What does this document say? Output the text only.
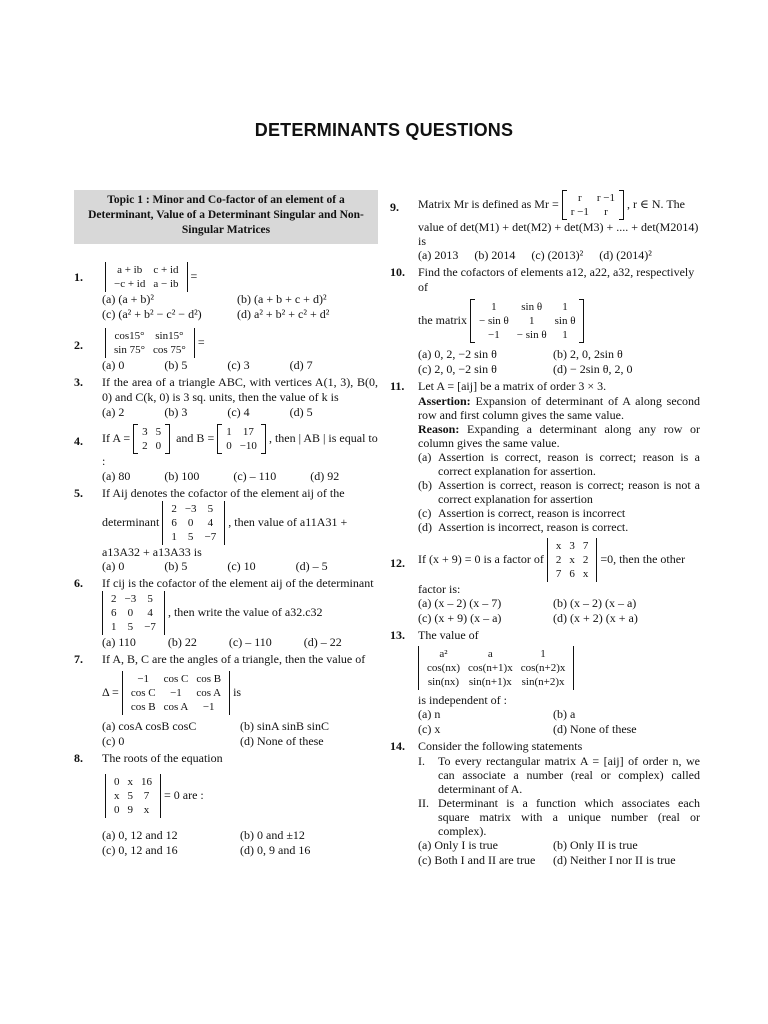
DETERMINANTS QUESTIONS
Topic 1 : Minor and Co-factor of an element of a Determinant, Value of a Determinant Singular and Non-Singular Matrices
1.	a + ib	c + id
−c + id	a − ib
=
(a) (a + b)²	(b) (a + b + c + d)²
(c) (a² + b² − c² − d²)	(d) a² + b² + c² + d²
2.
cos15°	sin15°
sin 75°	cos 75°
=
(a) 0	(b) 5	(c) 3	(d) 7
3. If the area of a triangle ABC, with vertices A(1, 3), B(0, 0) and C(k, 0) is 3 sq. units, then the value of k is
(a) 2	(b) 3	(c) 4	(d) 5
4. If A = 3	5
2	0
and B = 1	17
0	−10
, then | AB | is equal to :
(a) 80	(b) 100	(c) – 110	(d) 92
5. If Aij denotes the cofactor of the element aij of the
determinant
2	−3	5
6	0	4
1	5	−7
, then value of a11A31 + a13A32 + a13A33 is
(a) 0	(b) 5	(c) 10	(d) – 5
6. If cij is the cofactor of the element aij of the determinant
2	−3	5
6	0	4
1	5	−7
, then write the value of a32.c32
(a) 110	(b) 22	(c) – 110	(d) – 22
7. If A, B, C are the angles of a triangle, then the value of
Δ =
−1	cos C	cos B
cos C	−1	cos A
cos B	cos A	−1
is
(a) cosA cosB cosC	(b) sinA sinB sinC
(c) 0	(d) None of these
8. The roots of the equation
0	x	16
x	5	7
0	9	x
= 0 are :
(a) 0, 12 and 12	(b) 0 and ±12
(c) 0, 12 and 16	(d) 0, 9 and 16
9. Matrix Mr is defined as Mr = r	r −1
r −1	r
, r ∈ N. The
value of det(M1) + det(M2) + det(M3) + .... + det(M2014) is
(a) 2013 (b) 2014 (c) (2013)² (d) (2014)²
10. Find the cofactors of elements a12, a22, a32, respectively of
the matrix
1	sin θ	1
− sin θ	1	sin θ
−1	− sin θ	1
(a) 0, 2, −2 sin θ	(b) 2, 0, 2sin θ
(c) 2, 0, −2 sin θ	(d) − 2sin θ, 2, 0
11. Let A = [aij] be a matrix of order 3 × 3.
Assertion: Expansion of determinant of A along second row and first column gives the same value.
Reason: Expanding a determinant along any row or column gives the same value.
(a) Assertion is correct, reason is correct; reason is a correct explanation for assertion.
(b) Assertion is correct, reason is correct; reason is not a correct explanation for assertion
(c) Assertion is correct, reason is incorrect
(d) Assertion is incorrect, reason is correct.
12. If (x + 9) = 0 is a factor of
x	3	7
2	x	2
7	6	x
=0, then the other
factor is:
(a) (x – 2) (x – 7)	(b) (x – 2) (x – a)
(c) (x + 9) (x – a)	(d) (x + 2) (x + a)
13. The value of
a²	a	1
cos(nx)	cos(n+1)x	cos(n+2)x
sin(nx)	sin(n+1)x	sin(n+2)x
is independent of :
(a) n	(b) a
(c) x	(d) None of these
14. Consider the following statements
I. To every rectangular matrix A = [aij] of order n, we can associate a number (real or complex) called determinant of A.
II. Determinant is a function which associates each square matrix with a unique number (real or complex).
(a) Only I is true	(b) Only II is true
(c) Both I and II are true	(d) Neither I nor II is true
